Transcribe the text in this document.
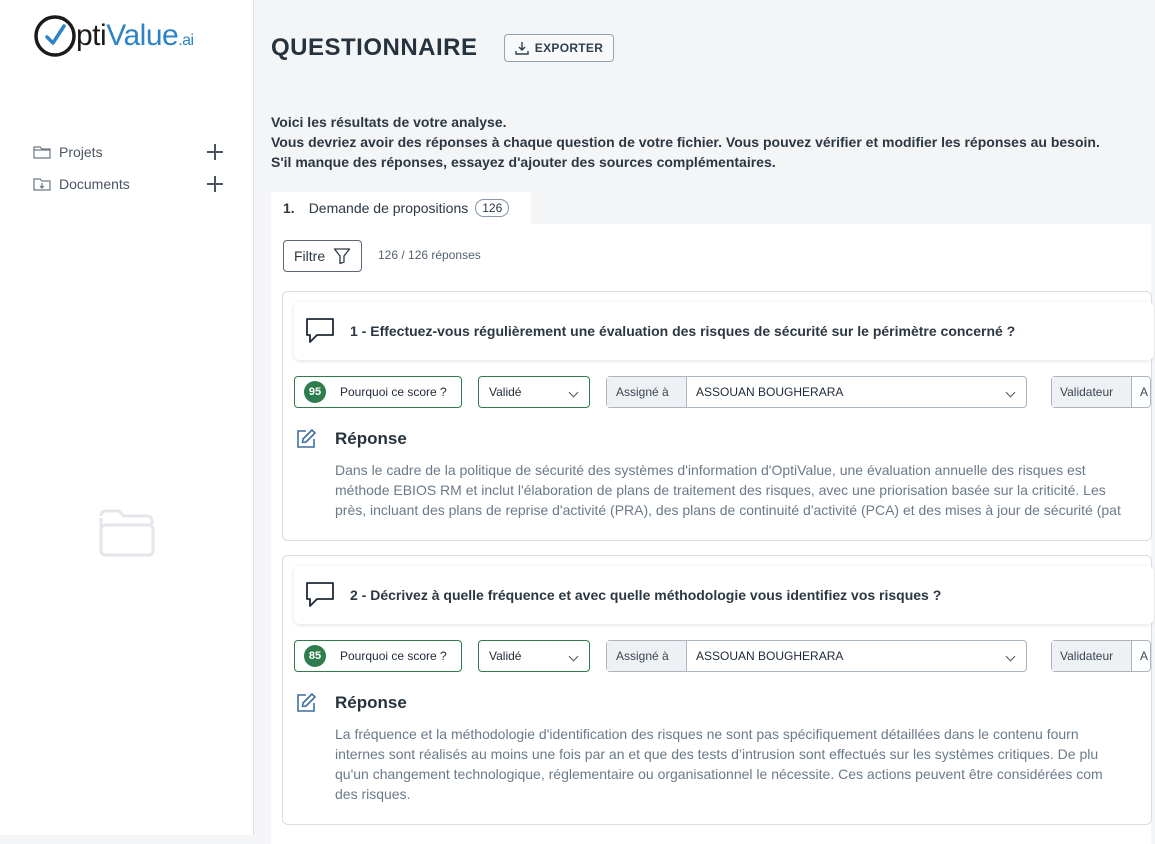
ptiValue.ai
Projets
Documents
QUESTIONNAIRE	EXPORTER
Voici les résultats de votre analyse.
Vous devriez avoir des réponses à chaque question de votre fichier. Vous pouvez vérifier et modifier les réponses au besoin.
S'il manque des réponses, essayez d'ajouter des sources complémentaires.
1. Demande de propositions	126
Filtre	126 / 126 réponses
1 - Effectuez-vous régulièrement une évaluation des risques de sécurité sur le périmètre concerné ?
95	Pourquoi ce score ?	Validé	Assigné à	ASSOUAN BOUGHERARA	Validateur	A
Réponse
Dans le cadre de la politique de sécurité des systèmes d'information d'OptiValue, une évaluation annuelle des risques est
méthode EBIOS RM et inclut l'élaboration de plans de traitement des risques, avec une priorisation basée sur la criticité. Les
près, incluant des plans de reprise d'activité (PRA), des plans de continuité d'activité (PCA) et des mises à jour de sécurité (pat
2 - Décrivez à quelle fréquence et avec quelle méthodologie vous identifiez vos risques ?
85	Pourquoi ce score ?	Validé	Assigné à	ASSOUAN BOUGHERARA	Validateur	A
Réponse
La fréquence et la méthodologie d'identification des risques ne sont pas spécifiquement détaillées dans le contenu fourn
internes sont réalisés au moins une fois par an et que des tests d’intrusion sont effectués sur les systèmes critiques. De plu
qu'un changement technologique, réglementaire ou organisationnel le nécessite. Ces actions peuvent être considérées com
des risques.
